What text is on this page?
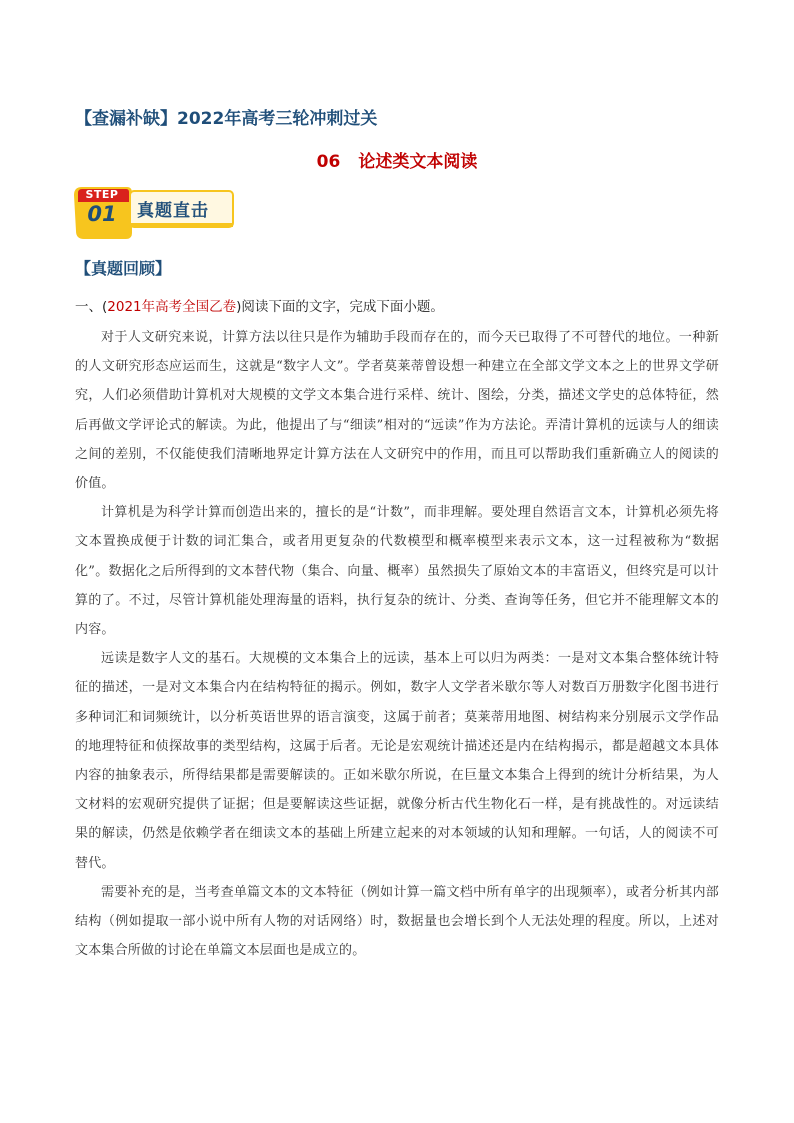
【查漏补缺】2022年高考三轮冲刺过关
06 论述类文本阅读
STEP
01	真题直击
【真题回顾】
一、(2021年高考全国乙卷)阅读下面的文字，完成下面小题。

对于人文研究来说，计算方法以往只是作为辅助手段而存在的，而今天已取得了不可替代的地位。一种新的人文研究形态应运而生，这就是“数字人文”。学者莫莱蒂曾设想一种建立在全部文学文本之上的世界文学研究，人们必须借助计算机对大规模的文学文本集合进行采样、统计、图绘，分类，描述文学史的总体特征，然后再做文学评论式的解读。为此，他提出了与“细读”相对的“远读”作为方法论。弄清计算机的远读与人的细读之间的差别，不仅能使我们清晰地界定计算方法在人文研究中的作用，而且可以帮助我们重新确立人的阅读的价值。

计算机是为科学计算而创造出来的，擅长的是“计数”，而非理解。要处理自然语言文本，计算机必须先将文本置换成便于计数的词汇集合，或者用更复杂的代数模型和概率模型来表示文本，这一过程被称为“数据化”。数据化之后所得到的文本替代物（集合、向量、概率）虽然损失了原始文本的丰富语义，但终究是可以计算的了。不过，尽管计算机能处理海量的语料，执行复杂的统计、分类、查询等任务，但它并不能理解文本的内容。

远读是数字人文的基石。大规模的文本集合上的远读，基本上可以归为两类：一是对文本集合整体统计特征的描述，一是对文本集合内在结构特征的揭示。例如，数字人文学者米歇尔等人对数百万册数字化图书进行多种词汇和词频统计，以分析英语世界的语言演变，这属于前者；莫莱蒂用地图、树结构来分别展示文学作品的地理特征和侦探故事的类型结构，这属于后者。无论是宏观统计描述还是内在结构揭示，都是超越文本具体内容的抽象表示，所得结果都是需要解读的。正如米歇尔所说，在巨量文本集合上得到的统计分析结果，为人文材料的宏观研究提供了证据；但是要解读这些证据，就像分析古代生物化石一样，是有挑战性的。对远读结果的解读，仍然是依赖学者在细读文本的基础上所建立起来的对本领域的认知和理解。一句话，人的阅读不可替代。

需要补充的是，当考查单篇文本的文本特征（例如计算一篇文档中所有单字的出现频率），或者分析其内部结构（例如提取一部小说中所有人物的对话网络）时，数据量也会增长到个人无法处理的程度。所以，上述对文本集合所做的讨论在单篇文本层面也是成立的。
